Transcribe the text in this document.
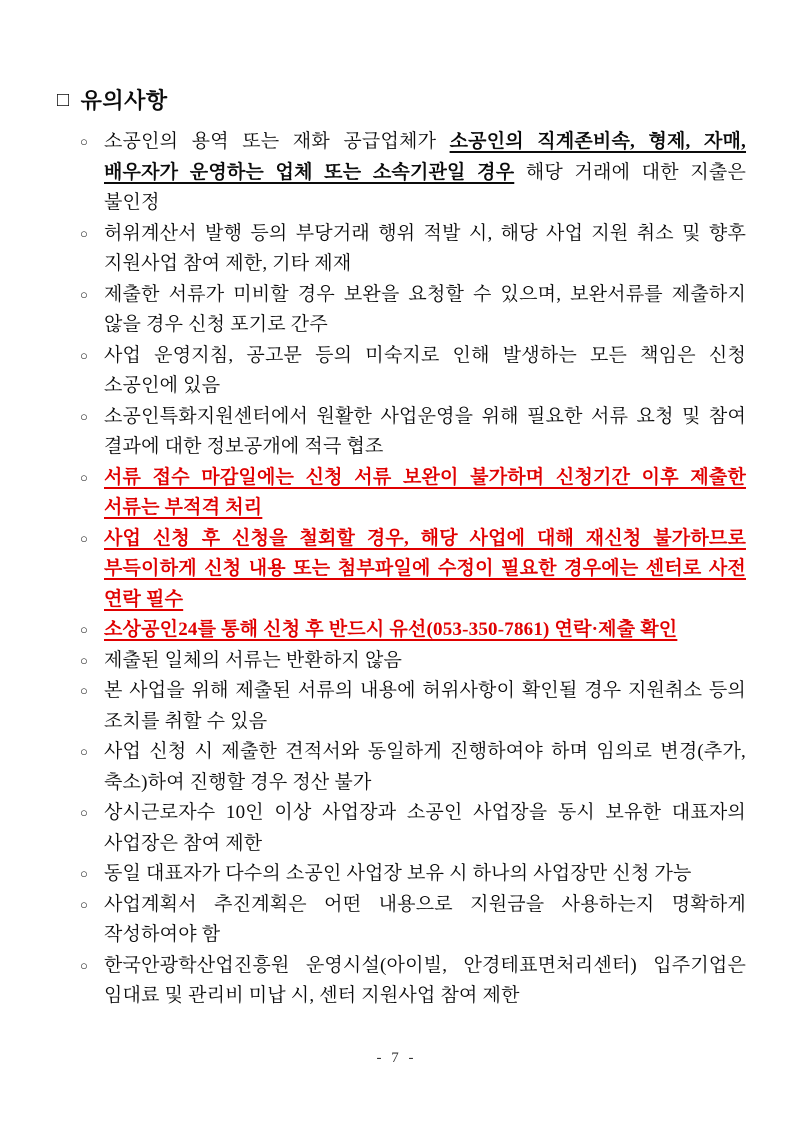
□ 유의사항
○ 소공인의 용역 또는 재화 공급업체가 소공인의 직계존비속, 형제, 자매, 배우자가 운영하는 업체 또는 소속기관일 경우 해당 거래에 대한 지출은 불인정

○ 허위계산서 발행 등의 부당거래 행위 적발 시, 해당 사업 지원 취소 및 향후 지원사업 참여 제한, 기타 제재

○ 제출한 서류가 미비할 경우 보완을 요청할 수 있으며, 보완서류를 제출하지 않을 경우 신청 포기로 간주

○ 사업 운영지침, 공고문 등의 미숙지로 인해 발생하는 모든 책임은 신청 소공인에 있음

○ 소공인특화지원센터에서 원활한 사업운영을 위해 필요한 서류 요청 및 참여 결과에 대한 정보공개에 적극 협조

○ 서류 접수 마감일에는 신청 서류 보완이 불가하며 신청기간 이후 제출한 서류는 부적격 처리

○ 사업 신청 후 신청을 철회할 경우, 해당 사업에 대해 재신청 불가하므로 부득이하게 신청 내용 또는 첨부파일에 수정이 필요한 경우에는 센터로 사전 연락 필수

○ 소상공인24를 통해 신청 후 반드시 유선(053-350-7861) 연락·제출 확인

○ 제출된 일체의 서류는 반환하지 않음

○ 본 사업을 위해 제출된 서류의 내용에 허위사항이 확인될 경우 지원취소 등의 조치를 취할 수 있음

○ 사업 신청 시 제출한 견적서와 동일하게 진행하여야 하며 임의로 변경(추가, 축소)하여 진행할 경우 정산 불가

○ 상시근로자수 10인 이상 사업장과 소공인 사업장을 동시 보유한 대표자의 사업장은 참여 제한

○ 동일 대표자가 다수의 소공인 사업장 보유 시 하나의 사업장만 신청 가능

○ 사업계획서 추진계획은 어떤 내용으로 지원금을 사용하는지 명확하게 작성하여야 함

○ 한국안광학산업진흥원 운영시설(아이빌, 안경테표면처리센터) 입주기업은 임대료 및 관리비 미납 시, 센터 지원사업 참여 제한

- 7 -
